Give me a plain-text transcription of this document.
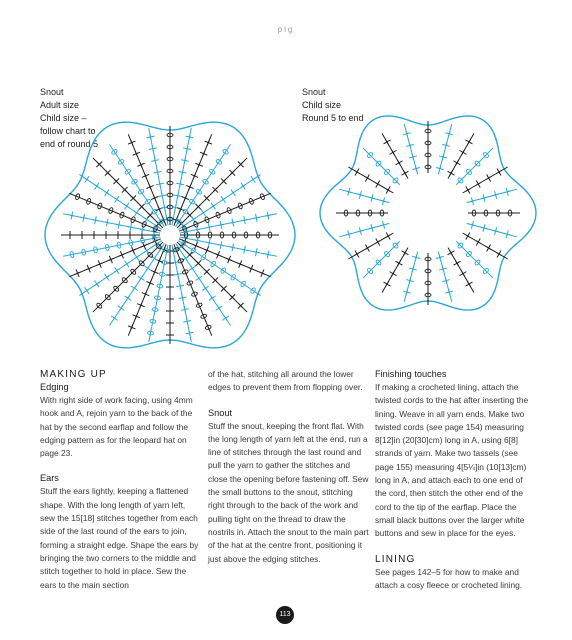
pig
Snout
Adult size
Child size –
follow chart to
end of round 5
Snout
Child size
Round 5 to end

MAKING UP

Edging

With right side of work facing, using 4mm hook and A, rejoin yarn to the back of the hat by the second earflap and follow the edging pattern as for the leopard hat on page 23.

Ears

Stuff the ears lightly, keeping a flattened shape. With the long length of yarn left, sew the 15[18] stitches together from each side of the last round of the ears to join, forming a straight edge. Shape the ears by bringing the two corners to the middle and stitch together to hold in place. Sew the ears to the main section

of the hat, stitching all around the lower edges to prevent them from flopping over.

Snout

Stuff the snout, keeping the front flat. With the long length of yarn left at the end, run a line of stitches through the last round and pull the yarn to gather the stitches and close the opening before fastening off. Sew the small buttons to the snout, stitching right through to the back of the work and pulling tight on the thread to draw the nostrils in. Attach the snout to the main part of the hat at the centre front, positioning it just above the edging stitches.

Finishing touches

If making a crocheted lining, attach the twisted cords to the hat after inserting the lining. Weave in all yarn ends. Make two twisted cords (see page 154) measuring 8[12]in (20[30]cm) long in A, using 6[8] strands of yarn. Make two tassels (see page 155) measuring 4[5¼]in (10[13]cm) long in A, and attach each to one end of the cord, then stitch the other end of the cord to the tip of the earflap. Place the small black buttons over the larger white buttons and sew in place for the eyes.

LINING

See pages 142–5 for how to make and attach a cosy fleece or crocheted lining.

113
